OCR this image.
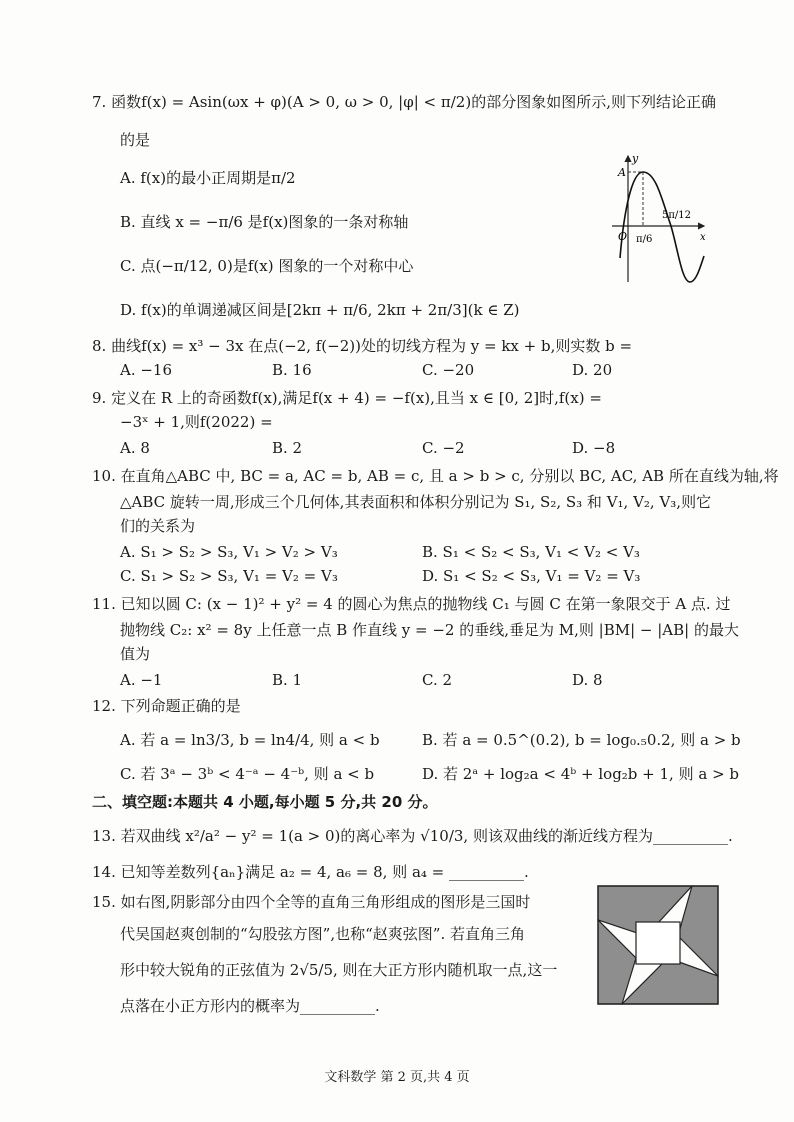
7. 函数f(x) = Asin(ωx + φ)(A > 0, ω > 0, |φ| < π/2)的部分图象如图所示,则下列结论正确
的是
A. f(x)的最小正周期是π/2
B. 直线 x = −π/6 是f(x)图象的一条对称轴
C. 点(−π/12, 0)是f(x) 图象的一个对称中心
D. f(x)的单调递减区间是[2kπ + π/6, 2kπ + 2π/3](k ∈ Z)
y
A
O	x
π/6
5π/12
8. 曲线f(x) = x³ − 3x 在点(−2, f(−2))处的切线方程为 y = kx + b,则实数 b =
A. −16	B. 16	C. −20	D. 20
9. 定义在 R 上的奇函数f(x),满足f(x + 4) = −f(x),且当 x ∈ [0, 2]时,f(x) =
−3ˣ + 1,则f(2022) =
A. 8	B. 2	C. −2	D. −8
10. 在直角△ABC 中, BC = a, AC = b, AB = c, 且 a > b > c, 分别以 BC, AC, AB 所在直线为轴,将
△ABC 旋转一周,形成三个几何体,其表面积和体积分别记为 S₁, S₂, S₃ 和 V₁, V₂, V₃,则它
们的关系为
A. S₁ > S₂ > S₃, V₁ > V₂ > V₃	B. S₁ < S₂ < S₃, V₁ < V₂ < V₃
C. S₁ > S₂ > S₃, V₁ = V₂ = V₃	D. S₁ < S₂ < S₃, V₁ = V₂ = V₃
11. 已知以圆 C: (x − 1)² + y² = 4 的圆心为焦点的抛物线 C₁ 与圆 C 在第一象限交于 A 点. 过
抛物线 C₂: x² = 8y 上任意一点 B 作直线 y = −2 的垂线,垂足为 M,则 |BM| − |AB| 的最大
值为
A. −1	B. 1	C. 2	D. 8
12. 下列命题正确的是
A. 若 a = ln3/3, b = ln4/4, 则 a < b	B. 若 a = 0.5^(0.2), b = log₀.₅0.2, 则 a > b
C. 若 3ᵃ − 3ᵇ < 4⁻ᵃ − 4⁻ᵇ, 则 a < b	D. 若 2ᵃ + log₂a < 4ᵇ + log₂b + 1, 则 a > b
二、填空题:本题共 4 小题,每小题 5 分,共 20 分。
13. 若双曲线 x²/a² − y² = 1(a > 0)的离心率为 √10/3, 则该双曲线的渐近线方程为__________.
14. 已知等差数列{aₙ}满足 a₂ = 4, a₆ = 8, 则 a₄ = __________.
15. 如右图,阴影部分由四个全等的直角三角形组成的图形是三国时
代吴国赵爽创制的“勾股弦方图”,也称“赵爽弦图”. 若直角三角
形中较大锐角的正弦值为 2√5/5, 则在大正方形内随机取一点,这一
点落在小正方形内的概率为__________.
文科数学 第 2 页,共 4 页
